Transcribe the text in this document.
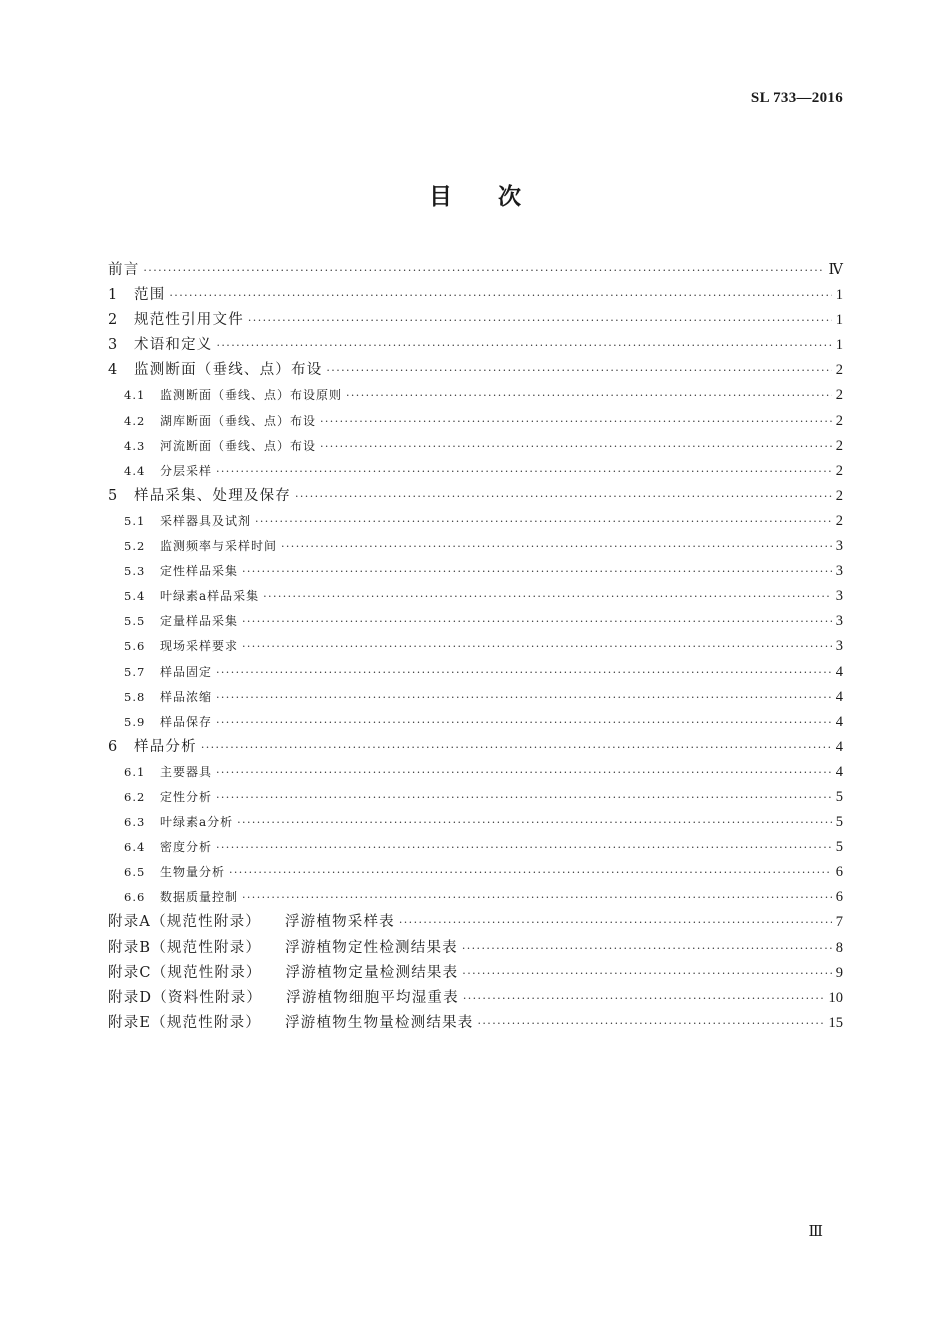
SL 733—2016
目次
前言 ·····	Ⅳ
1 范围 ·····	1
2 规范性引用文件 ·····	1
3 术语和定义 ·····	1
4 监测断面（垂线、点）布设 ·····	2
4.1 监测断面（垂线、点）布设原则 ·····	2
4.2 湖库断面（垂线、点）布设 ·····	2
4.3 河流断面（垂线、点）布设 ·····	2
4.4 分层采样 ·····	2
5 样品采集、处理及保存 ·····	2
5.1 采样器具及试剂 ·····	2
5.2 监测频率与采样时间 ·····	3
5.3 定性样品采集 ·····	3
5.4 叶绿素a样品采集 ·····	3
5.5 定量样品采集 ·····	3
5.6 现场采样要求 ·····	3
5.7 样品固定 ·····	4
5.8 样品浓缩 ·····	4
5.9 样品保存 ·····	4
6 样品分析 ·····	4
6.1 主要器具 ·····	4
6.2 定性分析 ·····	5
6.3 叶绿素a分析 ·····	5
6.4 密度分析 ·····	5
6.5 生物量分析 ·····	6
6.6 数据质量控制 ·····	6
附录A（规范性附录） 浮游植物采样表 ·····	7
附录B（规范性附录） 浮游植物定性检测结果表 ·····	8
附录C（规范性附录） 浮游植物定量检测结果表 ·····	9
附录D（资料性附录） 浮游植物细胞平均湿重表 ·····	10
附录E（规范性附录） 浮游植物生物量检测结果表 ·····	15
Ⅲ
